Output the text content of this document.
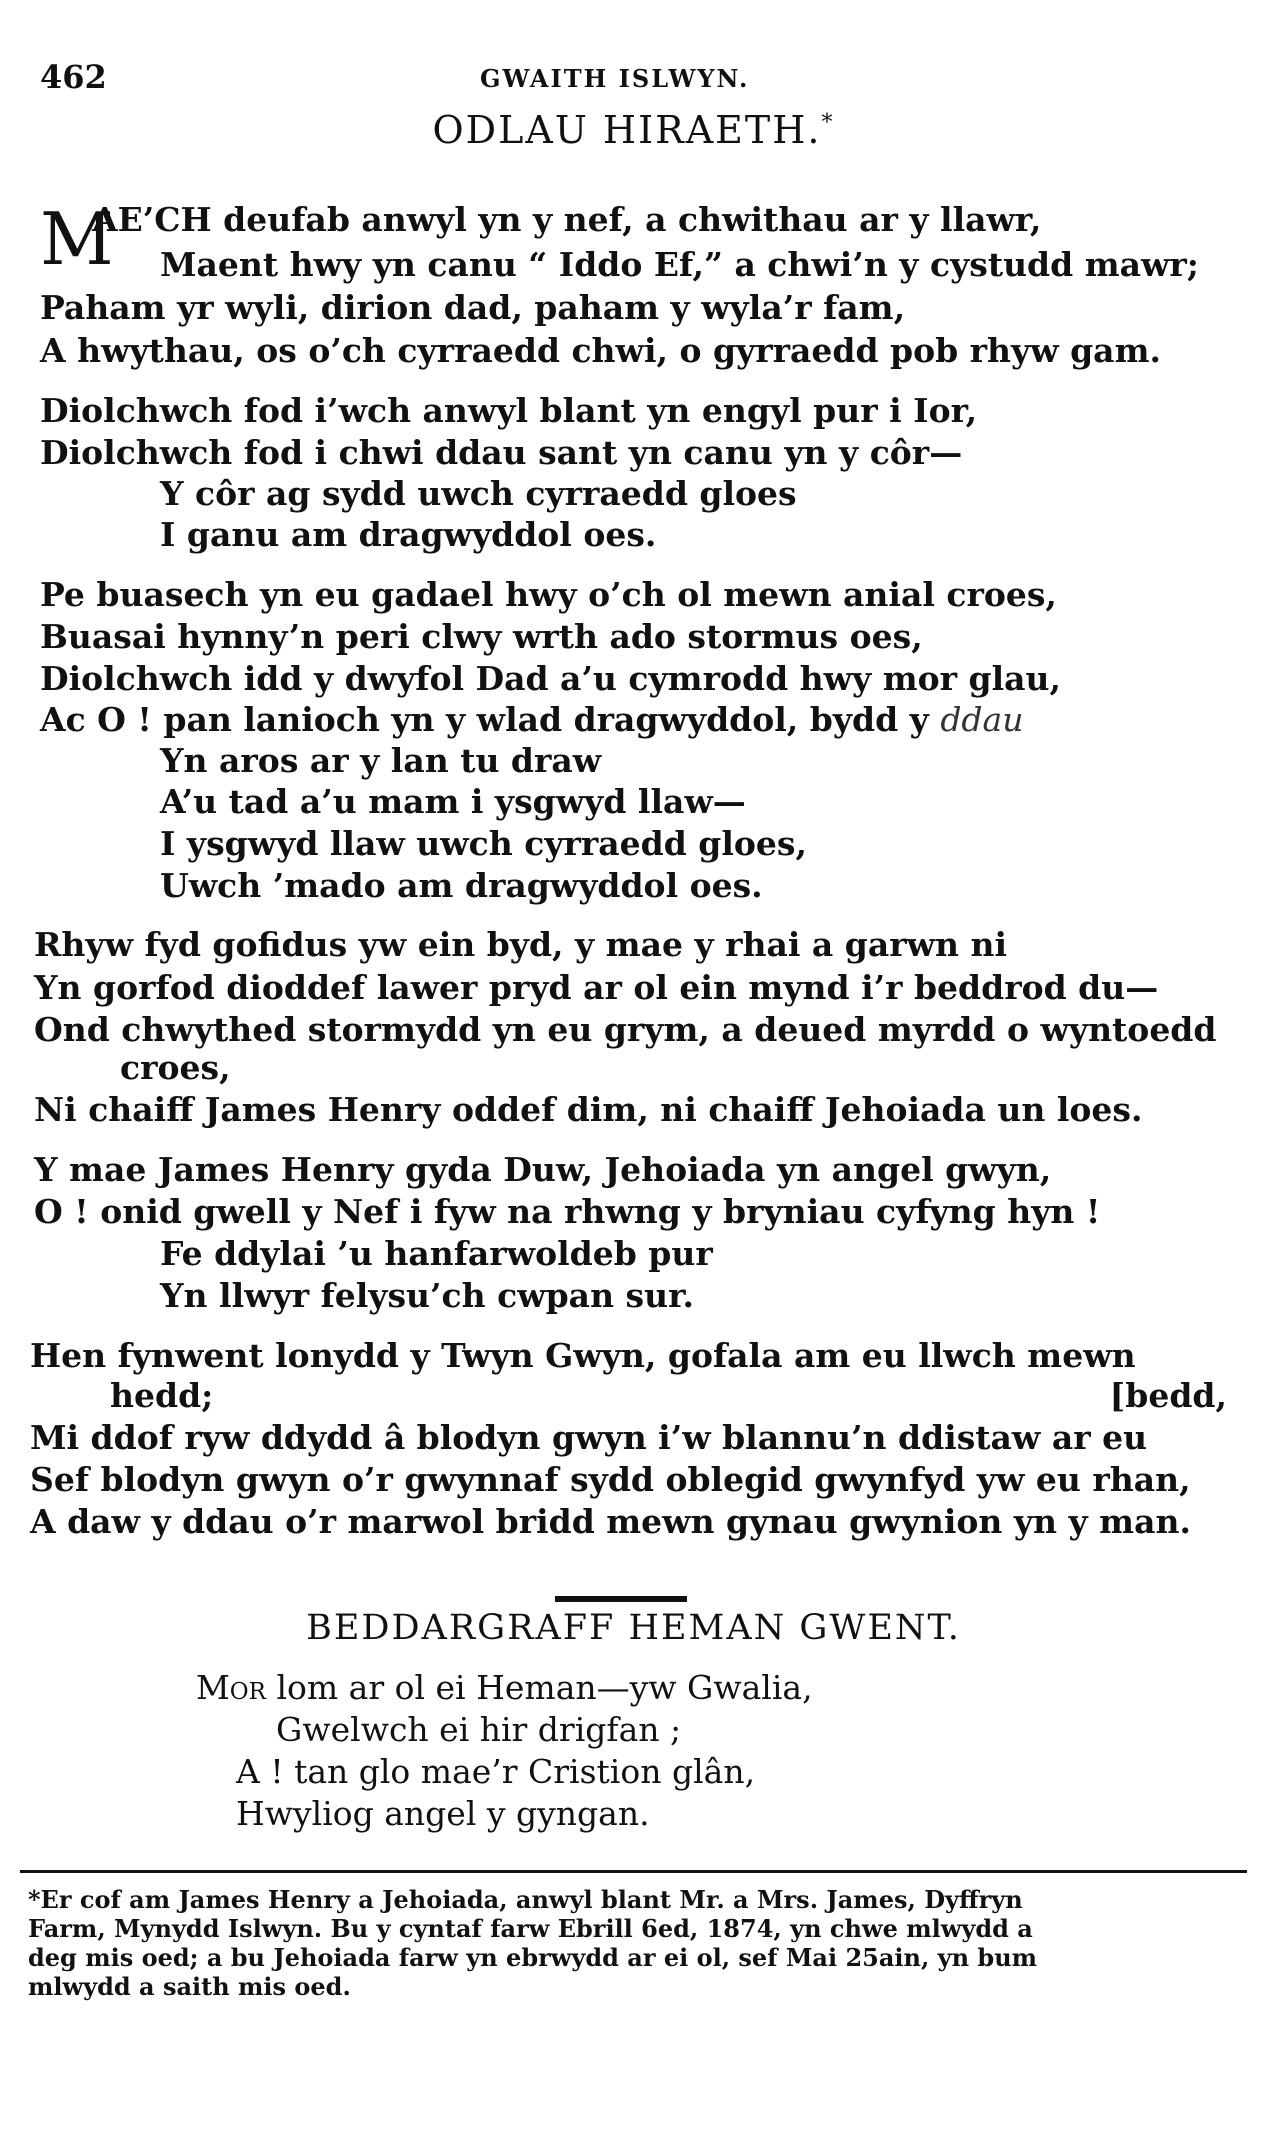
462	GWAITH ISLWYN.
ODLAU HIRAETH.*
M
AE’CH deufab anwyl yn y nef, a chwithau ar y llawr,
Maent hwy yn canu “ Iddo Ef,” a chwi’n y cystudd mawr;
Paham yr wyli, dirion dad, paham y wyla’r fam,
A hwythau, os o’ch cyrraedd chwi, o gyrraedd pob rhyw gam.
Diolchwch fod i’wch anwyl blant yn engyl pur i Ior,
Diolchwch fod i chwi ddau sant yn canu yn y côr—
Y côr ag sydd uwch cyrraedd gloes
I ganu am dragwyddol oes.
Pe buasech yn eu gadael hwy o’ch ol mewn anial croes,
Buasai hynny’n peri clwy wrth ado stormus oes,
Diolchwch idd y dwyfol Dad a’u cymrodd hwy mor glau,
Ac O ! pan lanioch yn y wlad dragwyddol, bydd y ddau
Yn aros ar y lan tu draw
A’u tad a’u mam i ysgwyd llaw—
I ysgwyd llaw uwch cyrraedd gloes,
Uwch ’mado am dragwyddol oes.
Rhyw fyd gofidus yw ein byd, y mae y rhai a garwn ni
Yn gorfod dioddef lawer pryd ar ol ein mynd i’r beddrod du—
Ond chwythed stormydd yn eu grym, a deued myrdd o wyntoedd
croes,
Ni chaiff James Henry oddef dim, ni chaiff Jehoiada un loes.
Y mae James Henry gyda Duw, Jehoiada yn angel gwyn,
O ! onid gwell y Nef i fyw na rhwng y bryniau cyfyng hyn !
Fe ddylai ’u hanfarwoldeb pur
Yn llwyr felysu’ch cwpan sur.
Hen fynwent lonydd y Twyn Gwyn, gofala am eu llwch mewn
hedd;	[bedd,
Mi ddof ryw ddydd â blodyn gwyn i’w blannu’n ddistaw ar eu
Sef blodyn gwyn o’r gwynnaf sydd oblegid gwynfyd yw eu rhan,
A daw y ddau o’r marwol bridd mewn gynau gwynion yn y man.
BEDDARGRAFF HEMAN GWENT.
Mor lom ar ol ei Heman—yw Gwalia,
Gwelwch ei hir drigfan ;
A ! tan glo mae’r Cristion glân,
Hwyliog angel y gyngan.
*Er cof am James Henry a Jehoiada, anwyl blant Mr. a Mrs. James, Dyffryn
Farm, Mynydd Islwyn. Bu y cyntaf farw Ebrill 6ed, 1874, yn chwe mlwydd a
deg mis oed; a bu Jehoiada farw yn ebrwydd ar ei ol, sef Mai 25ain, yn bum
mlwydd a saith mis oed.
